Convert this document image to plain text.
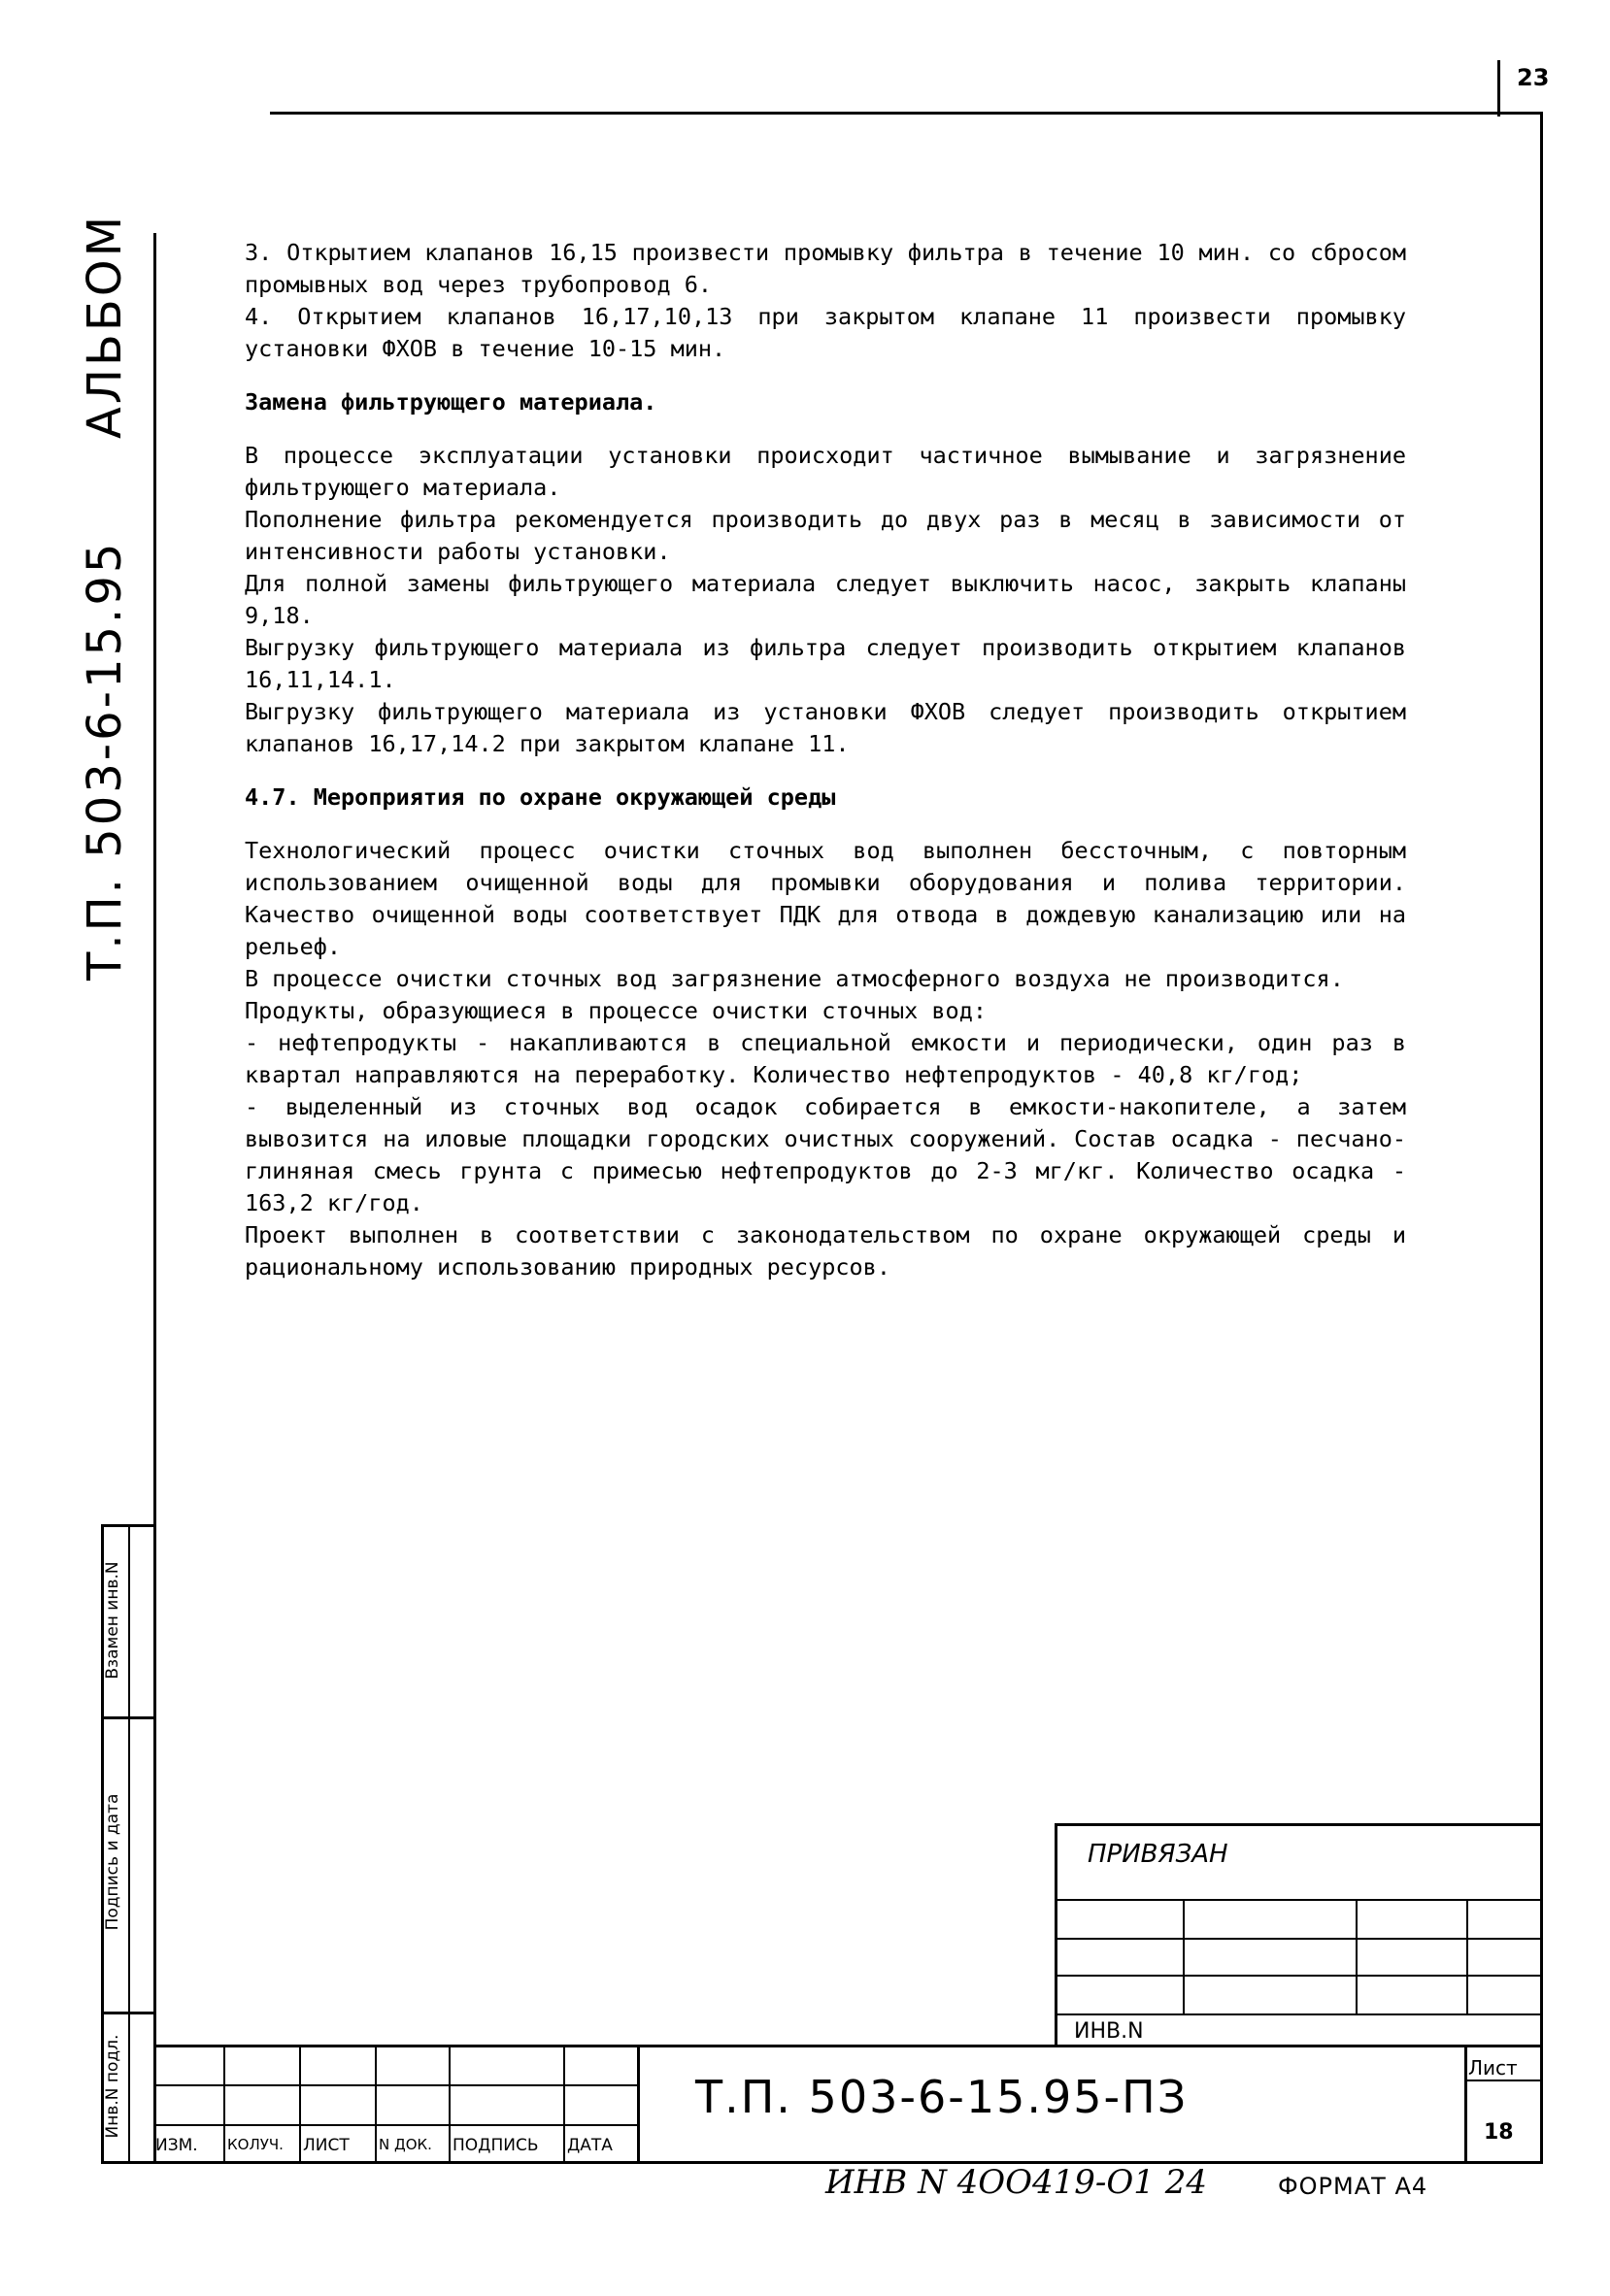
23
Т.П. 503-6-15.95
АЛЬБОМ
Взамен инв.N
Подпись и дата
Инв.N подл.

3. Открытием клапанов 16,15 произвести промывку фильтра в течение 10 мин. со сбросом промывных вод через трубопровод 6.

4. Открытием клапанов 16,17,10,13 при закрытом клапане 11 произвести промывку установки ФХОВ в течение 10-15 мин.

Замена фильтрующего материала.

В процессе эксплуатации установки происходит частичное вымывание и загрязнение фильтрующего материала.

Пополнение фильтра рекомендуется производить до двух раз в месяц в зависимости от интенсивности работы установки.

Для полной замены фильтрующего материала следует выключить насос, закрыть клапаны 9,18.

Выгрузку фильтрующего материала из фильтра следует производить открытием клапанов 16,11,14.1.

Выгрузку фильтрующего материала из установки ФХОВ следует производить открытием клапанов 16,17,14.2 при закрытом клапане 11.

4.7. Мероприятия по охране окружающей среды

Технологический процесс очистки сточных вод выполнен бессточным, с повторным использованием очищенной воды для промывки оборудования и полива территории. Качество очищенной воды соответствует ПДК для отвода в дождевую канализацию или на рельеф.

В процессе очистки сточных вод загрязнение атмосферного воздуха не производится.

Продукты, образующиеся в процессе очистки сточных вод:

- нефтепродукты - накапливаются в специальной емкости и периодически, один раз в квартал направляются на переработку. Количество нефтепродуктов - 40,8 кг/год;

- выделенный из сточных вод осадок собирается в емкости-накопителе, а затем вывозится на иловые площадки городских очистных сооружений. Состав осадка - песчано-глиняная смесь грунта с примесью нефтепродуктов до 2-3 мг/кг. Количество осадка - 163,2 кг/год.

Проект выполнен в соответствии с законодательством по охране окружающей среды и рациональному использованию природных ресурсов.

ПРИВЯЗАН
ИНВ.N
ИЗМ. КОЛУЧ. ЛИСТ N ДОК. ПОДПИСЬ ДАТА
Т.П. 503-6-15.95-ПЗ
Лист
18
ИНВ N 4ОО419-О1 24	ФОРМАТ А4
